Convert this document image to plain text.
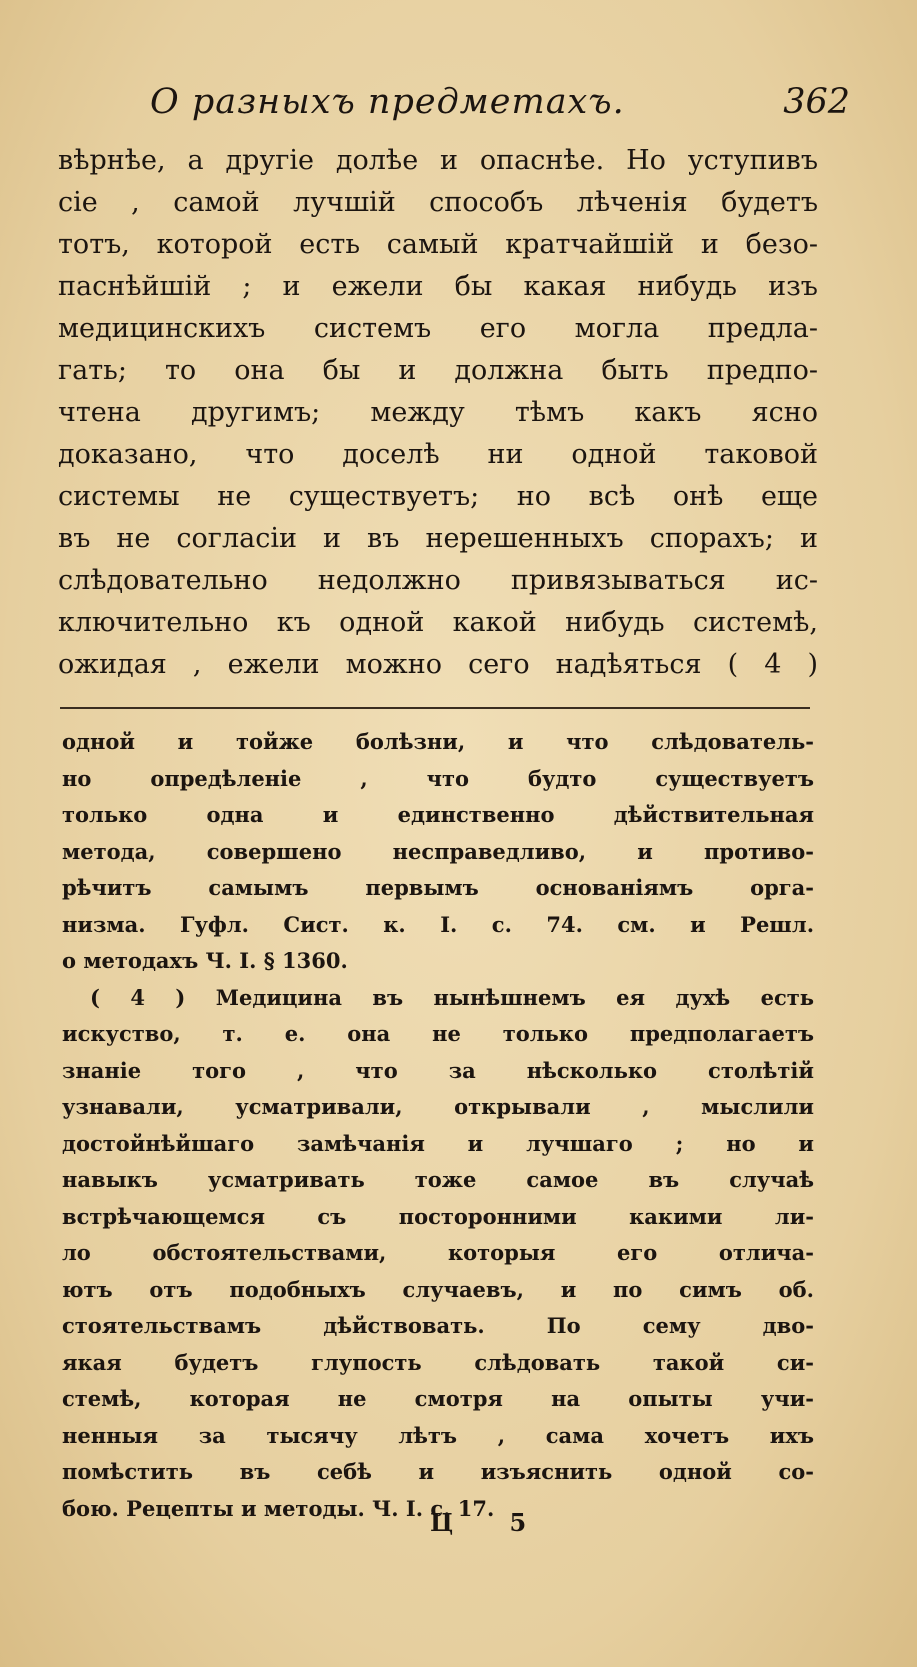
О разныхъ предметахъ.	362
вѣрнѣе, а другіе долѣе и опаснѣе. Но уступивъ
сіе , самой лучшій способъ лѣченія будетъ
тотъ, которой есть самый кратчайшій и безо-
паснѣйшій ; и ежели бы какая нибудь изъ
медицинскихъ системъ его могла предла-
гать; то она бы и должна быть предпо-
чтена другимъ; между тѣмъ какъ ясно
доказано, что доселѣ ни одной таковой
системы не существуетъ; но всѣ онѣ еще
въ не согласіи и въ нерешенныхъ спорахъ; и
слѣдовательно недолжно привязываться ис-
ключительно къ одной какой нибудь системѣ,
ожидая , ежели можно сего надѣяться ( 4 )
одной и тойже болѣзни, и что слѣдователь-
но опредѣленіе , что будто существуетъ
только одна и единственно дѣйствительная
метода, совершено несправедливо, и противо-
рѣчитъ самымъ первымъ основаніямъ орга-
низма. Гуфл. Сист. к. I. с. 74. см. и Решл.
о методахъ Ч. I. § 1360.
( 4 ) Медицина въ нынѣшнемъ ея духѣ есть
искуство, т. е. она не только предполагаетъ
знаніе того , что за нѣсколько столѣтій
узнавали, усматривали, открывали , мыслили
достойнѣйшаго замѣчанія и лучшаго ; но и
навыкъ усматривать тоже самое въ случаѣ
встрѣчающемся съ посторонними какими ли-
ло обстоятельствами, которыя его отлича-
ютъ отъ подобныхъ случаевъ, и по симъ об.
стоятельствамъ дѣйствовать. По сему дво-
якая будетъ глупость слѣдовать такой си-
стемѣ, которая не смотря на опыты учи-
ненныя за тысячу лѣтъ , сама хочетъ ихъ
помѣстить въ себѣ и изъяснить одной со-
бою. Рецепты и методы. Ч. I. с. 17.
Ц 5
